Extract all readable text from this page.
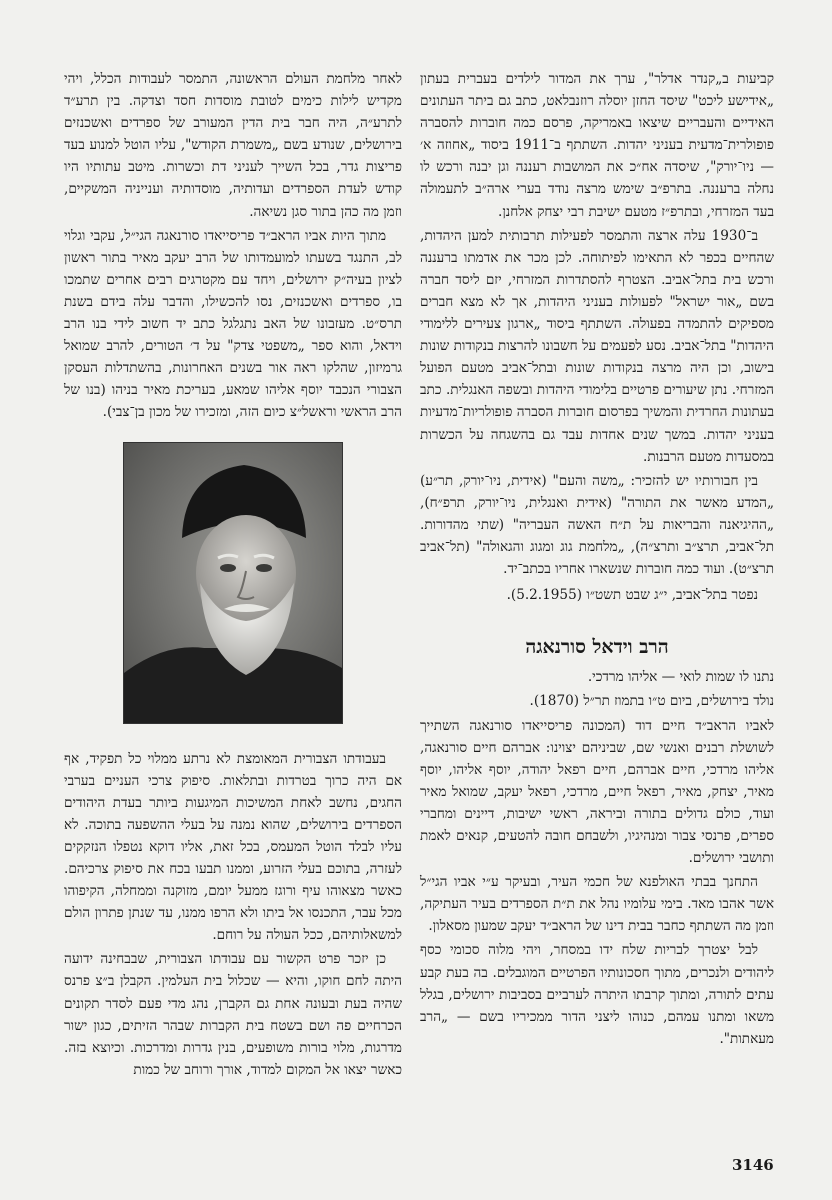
קביעות ב„קנדר אדלר", ערך את המדור לילדים בעברית בעתון „אידישע ליכט" שיסד החזן יוסלה רוזנבלאט, כתב גם ביתר העתונים האידיים והעבריים שיצאו באמריקה, פרסם כמה חוברות להסברה פופולרית־מדעית בעניני יהדות. השתתף ב־1911 ביסוד „אחוזה א׳ — ניו־יורק", שיסדה אח״כ את המושבות רעננה וגן יבנה ורכש לו נחלה ברעננה. בתרפ״ב שימש מרצה נודד בערי ארה״ב לתעמולה בעד המזרחי, ובתרפ״ז מטעם ישיבת רבי יצחק אלחנן.

ב־1930 עלה ארצה והתמסר לפעילות תרבותית למען היהדות, שהחיים בכפר לא התאימו לפיתוחה. לכן מכר את אדמתו ברעננה ורכש בית בתל־אביב. הצטרף להסתדרות המזרחי, יזם ליסד חברה בשם „אור ישראל" לפעולות בעניני היהדות, אך לא מצא חברים מספיקים להתמדה בפעולה. השתתף ביסוד „ארגון צעירים ללימודי היהדות" בתל־אביב. נסע לפעמים על חשבונו להרצות בנקודות שונות בישוב, וכן היה מרצה בנקודות שונות ובתל־אביב מטעם הפועל המזרחי. נתן שיעורים פרטיים בלימודי היהדות ובשפה האנגלית. כתב בעתונות החרדית והמשיך בפרסום חוברות הסברה פופולריות־מדעיות בעניני יהדות. במשך שנים אחדות עבד גם בהשגחה על הכשרות במסעדות מטעם הרבנות.

בין חבורותיו יש להזכיר: „משה והעם" (אידית, ניו־יורק, תר״ע) „המדע מאשר את התורה" (אידית ואנגלית, ניו־יורק, תרפ״ח), „ההיגיאנה והבריאות על ת״ח האשה העבריה" (שתי מהדורות. תל־אביב, תרצ״ב ותרצ״ה), „מלחמת גוג ומגוג והגאולה" (תל־אביב תרצ״ט). ועוד כמה חוברות שנשארו אחריו בכתב־יד.

נפטר בתל־אביב, י״ג שבט תשט״ו (5.2.1955).

הרב וידאל סורנאגה

נתנו לו שמות לואי — אליהו מרדכי.

נולד בירושלים, ביום ט״ו בתמוז תר״ל (1870).

לאביו הראב״ד חיים דוד (המכונה פריסייאדו סורנאגה השתייך לשושלת רבנים ואנשי שם, שביניהם יצוינו: אברהם חיים סורנאגה, אליהו מרדכי, חיים אברהם, חיים רפאל יהודה, יוסף אליהו, יוסף מאיר, יצחק, מאיר, רפאל חיים, מרדכי, רפאל יעקב, שמואל מאיר ועוד, כולם גדולים בתורה וביראה, ראשי ישיבות, דיינים ומחברי ספרים, פרנסי צבור ומנהיגיו, ולשבחם חובה להטעים, קנאים לאמת ותושבי ירושלים.

התחנך בבתי האולפנא של חכמי העיר, ובעיקר ע״י אביו הגי״ל אשר אהבו מאד. בימי עלומיו נהל את ת״ת הספרדים בעיר העתיקה, וזמן מה השתתף כחבר בבית דינו של הראב״ד יעקב שמעון מסאלון.

לבל יצטרך לבריות שלח ידו במסחר, ויהי מלוה סכומי כסף ליהודים ולנכרים, מתוך חסכונותיו הפרטיים המוגבלים. בה בעת קבע עתים לתורה, ומתוך קרבתו היתרה לערביים בסביבות ירושלים, בגלל משאו ומתנו עמהם, כנוהו ליצני הדור ממכיריו בשם — „הרב מעאתות".

לאחר מלחמת העולם הראשונה, התמסר לעבודות הכלל, ויהי מקדיש לילות כימים לטובת מוסדות חסד וצדקה. בין תרע״ד לתרע״ה, היה חבר בית הדין המעורב של ספרדים ואשכנזים בירושלים, שנודע בשם „משמרת הקודש", עליו הוטל למנוע בעד פריצות גדר, בכל השייך לעניני דת וכשרות. מיטב עתותיו היו קודש לעדת הספרדים ועדותיה, מוסדותיה וענייניה המשקיים, וזמן מה כהן בתור סגן נשיאה.

מתוך היות אביו הראב״ד פריסייאדו סורנאגה הגי״ל, עקבי וגלוי לב, התנגד בשעתו למועמדותו של הרב יעקב מאיר בתור ראשון לציון בעיה״ק ירושלים, ויחד עם מקטרגים רבים אחרים שתמכו בו, ספרדים ואשכנזים, נסו להכשילו, והדבר עלה בידם בשנת תרס״ט. מעזבונו של האב נתגלגל כתב יד חשוב לידי בנו הרב וידאל, והוא ספר „משפטי צדק" על ד׳ הטורים, להרב שמואל גרמיזון, שהלקו ראה אור בשנים האחרונות, בהשתדלות העסקן הצבורי הנכבד יוסף אליהו שמאע, בעריכת מאיר בניהו (בנו של הרב הראשי וראשל״צ כיום הזה, ומזכירו של מכון בן־צבי).

בעבודתו הצבורית המאומצת לא נרתע ממלוי כל תפקיד, אף אם היה כרוך בטרדות ובתלאות. סיפוק צרכי העניים בערבי החגים, נחשב לאחת המשיכות המיגעות ביותר בעדת היהודים הספרדים בירושלים, שהוא נמנה על בעלי ההשפעה בתוכה. לא עליו לבלד הוטל המעמס, בכל זאת, אליו דוקא נטפלו הנזקקים לעזרה, בתוכם בעלי הזרוע, וממנו תבעו בכח את סיפוק צרכיהם. כאשר מצאוהו עיף ורוגז ממעל יומם, מזוקנה וממחלה, הקיפוהו מכל עבר, התכנסו אל ביתו ולא הרפו ממנו, עד שנתן פתרון הולם למשאלותיהם, ככל העולה על רוחם.

כן יזכר פרט הקשור עם עבודתו הצבורית, שבבחינה ידועה היתה לחם חוקו, והיא — שכלול בית העלמין. הקבלן ב״צ פרנס שהיה בעת ובעונה אחת גם הקברן, נהג מדי פעם לסדר תקונים הכרחיים פה ושם בשטח בית הקברות שבהר הזיתים, כגון ישור מדרגות, מלוי בורות משופעים, בנין גדרות ומדרכות. וכיוצא בזה. כאשר יצאו אל המקום למדוד, אורך ורוחב של כמות

3146
